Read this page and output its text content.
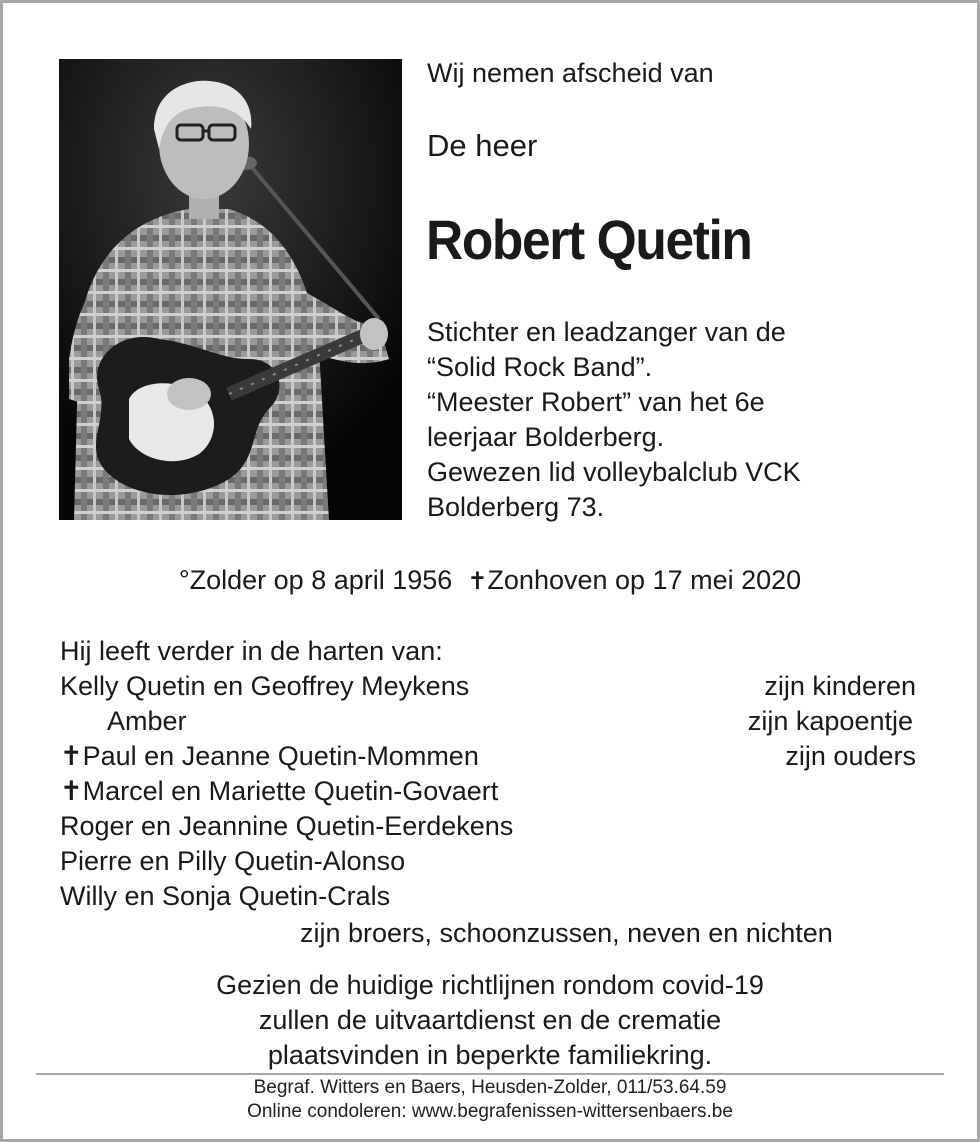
Wij nemen afscheid van
De heer
Robert Quetin
Stichter en leadzanger van de
“Solid Rock Band”.
“Meester Robert” van het 6e
leerjaar Bolderberg.
Gewezen lid volleybalclub VCK
Bolderberg 73.
°Zolder op 8 april 1956 ✝Zonhoven op 17 mei 2020
Hij leeft verder in de harten van:
Kelly Quetin en Geoffrey Meykens	zijn kinderen
Amber	zijn kapoentje
✝Paul en Jeanne Quetin-Mommen	zijn ouders
✝Marcel en Mariette Quetin-Govaert
Roger en Jeannine Quetin-Eerdekens
Pierre en Pilly Quetin-Alonso
Willy en Sonja Quetin-Crals
zijn broers, schoonzussen, neven en nichten
Gezien de huidige richtlijnen rondom covid-19
zullen de uitvaartdienst en de crematie
plaatsvinden in beperkte familiekring.
Begraf. Witters en Baers, Heusden-Zolder, 011/53.64.59
Online condoleren: www.begrafenissen-wittersenbaers.be
